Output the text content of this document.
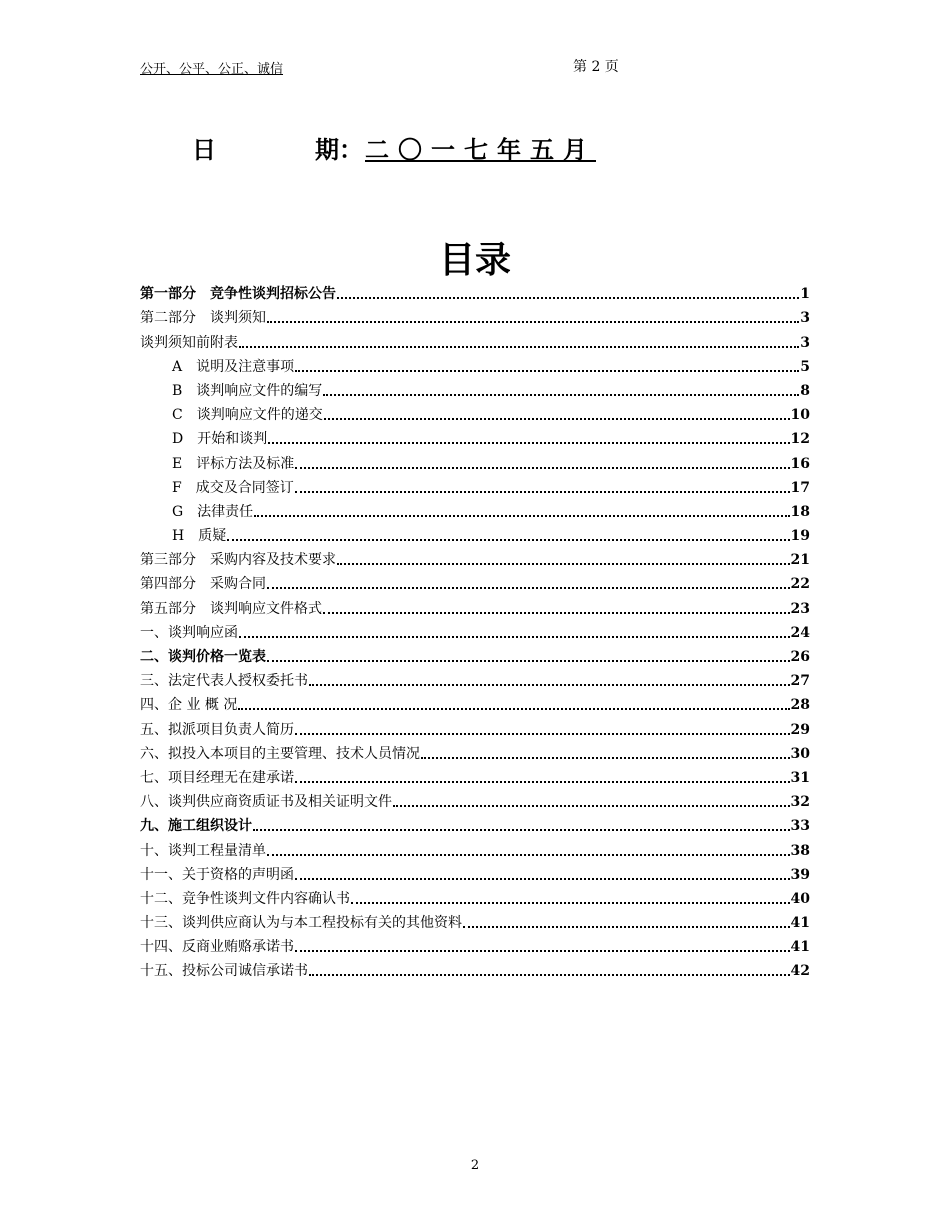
公开、公平、公正、诚信	第 2 页
日	期： 二〇一七年五月
目录
第一部分　竞争性谈判招标公告	1
第二部分　谈判须知	3
谈判须知前附表	3
A　说明及注意事项	5
B　谈判响应文件的编写	8
C　谈判响应文件的递交	10
D　开始和谈判	12
E　评标方法及标准	16
F　成交及合同签订	17
G　法律责任	18
H　质疑	19
第三部分　采购内容及技术要求	21
第四部分　采购合同	22
第五部分　谈判响应文件格式	23
一、谈判响应函	24
二、谈判价格一览表	26
三、法定代表人授权委托书	27
四、企 业 概 况	28
五、拟派项目负责人简历	29
六、拟投入本项目的主要管理、技术人员情况	30
七、项目经理无在建承诺	31
八、谈判供应商资质证书及相关证明文件	32
九、施工组织设计	33
十、谈判工程量清单	38
十一、关于资格的声明函	39
十二、竞争性谈判文件内容确认书	40
十三、谈判供应商认为与本工程投标有关的其他资料	41
十四、反商业贿赂承诺书	41
十五、投标公司诚信承诺书	42
2
